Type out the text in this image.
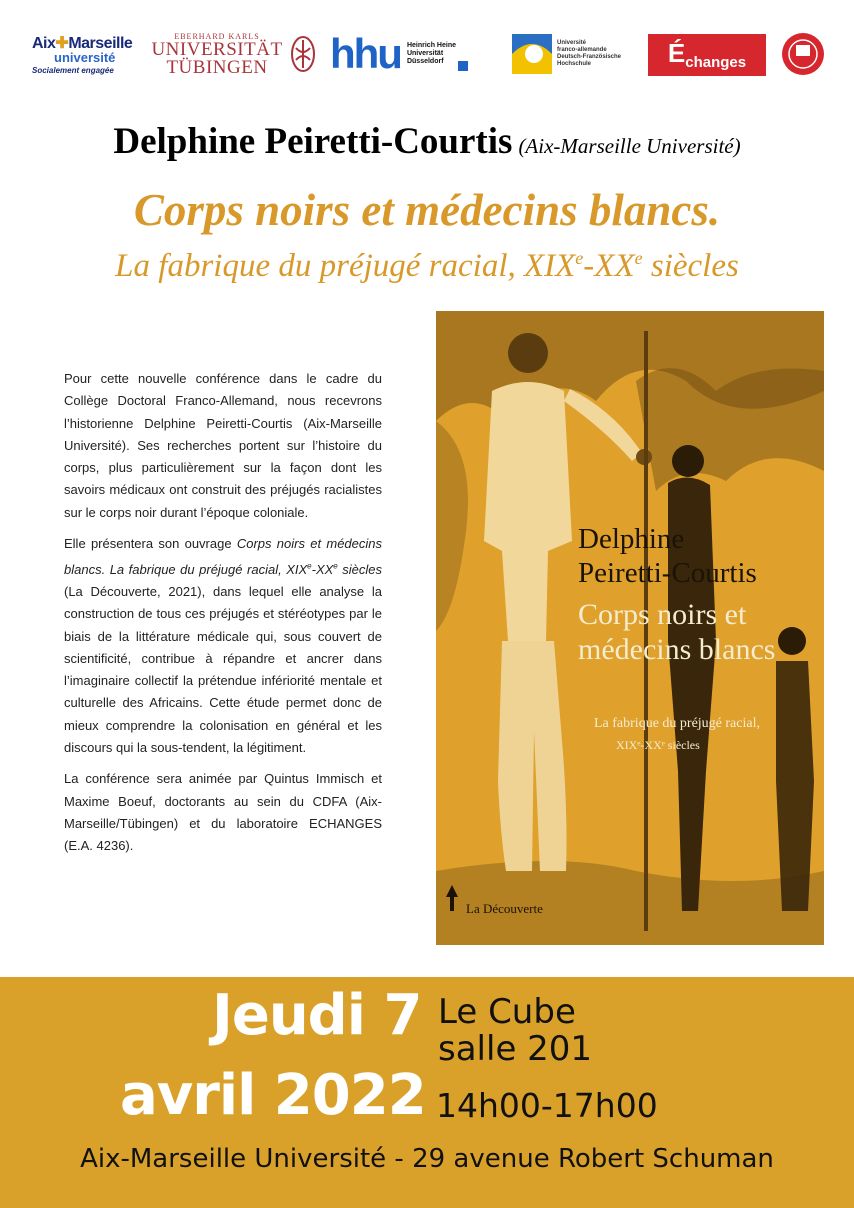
Aix✚Marseille
université
Socialement engagée
EBERHARD KARLS
UNIVERSITÄT
TÜBINGEN hhu Heinrich Heine
Universität
Düsseldorf
Université
franco-allemande
Deutsch-Französische
Hochschule	É changes
Delphine Peiretti-Courtis (Aix-Marseille Université)
Corps noirs et médecins blancs.
La fabrique du préjugé racial, XIXe-XXe siècles

Pour cette nouvelle conférence dans le cadre du Collège Doctoral Franco-Allemand, nous recevrons l’historienne Delphine Peiretti-Courtis (Aix-Marseille Université). Ses recherches portent sur l’histoire du corps, plus particulièrement sur la façon dont les savoirs médicaux ont construit des préjugés racialistes sur le corps noir durant l’époque coloniale.

Elle présentera son ouvrage Corps noirs et médecins blancs. La fabrique du préjugé racial, XIXe-XXe siècles (La Découverte, 2021), dans lequel elle analyse la construction de tous ces préjugés et stéréotypes par le biais de la littérature médicale qui, sous couvert de scientificité, contribue à répandre et ancrer dans l’imaginaire collectif la prétendue infériorité mentale et culturelle des Africains. Cette étude permet donc de mieux comprendre la colonisation en général et les discours qui la sous-tendent, la légitiment.

La conférence sera animée par Quintus Immisch et Maxime Boeuf, doctorants au sein du CDFA (Aix-Marseille/Tübingen) et du laboratoire ECHANGES (E.A. 4236).

Delphine
Peiretti-Courtis
Corps noirs et médecins blancs
La fabrique du préjugé racial,
XIXᵉ-XXᵉ siècles
La Découverte
Jeudi 7
avril 2022
Le Cube
salle 201
14h00-17h00
Aix-Marseille Université - 29 avenue Robert Schuman
